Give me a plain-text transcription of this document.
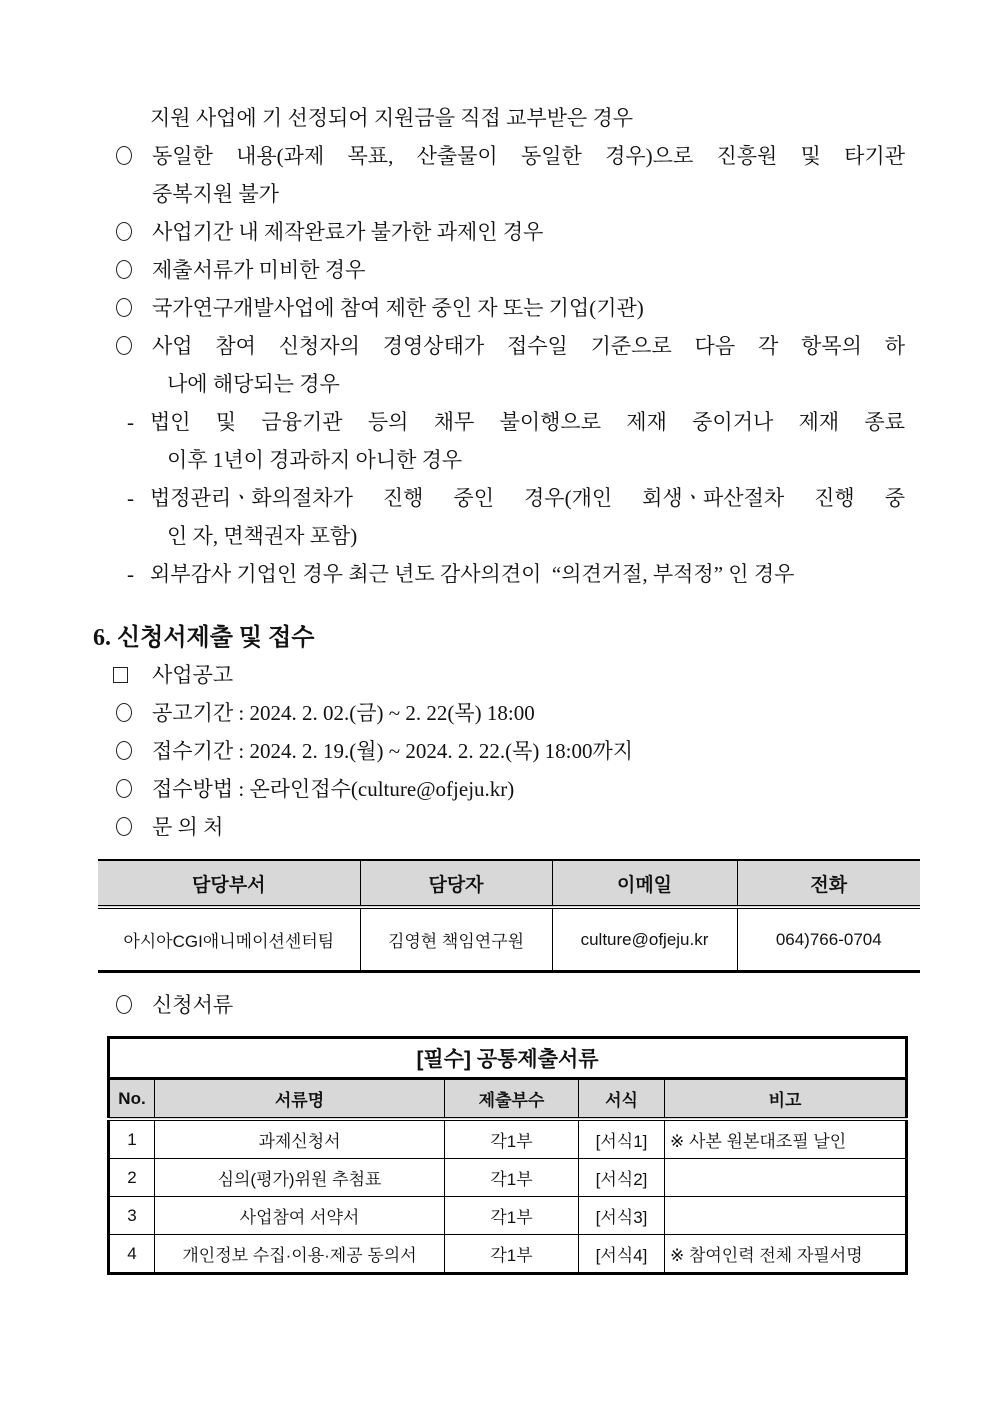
지원 사업에 기 선정되어 지원금을 직접 교부받은 경우
동일한 내용(과제 목표, 산출물이 동일한 경우)으로 진흥원 및 타기관
중복지원 불가
사업기간 내 제작완료가 불가한 과제인 경우
제출서류가 미비한 경우
국가연구개발사업에 참여 제한 중인 자 또는 기업(기관)
사업 참여 신청자의 경영상태가 접수일 기준으로 다음 각 항목의 하
나에 해당되는 경우
- 법인 및 금융기관 등의 채무 불이행으로 제재 중이거나 제재 종료
이후 1년이 경과하지 아니한 경우
- 법정관리ㆍ화의절차가 진행 중인 경우(개인 회생ㆍ파산절차 진행 중
인 자, 면책권자 포함)
- 외부감사 기업인 경우 최근 년도 감사의견이  “의견거절, 부적정” 인 경우
6. 신청서제출 및 접수
사업공고
공고기간 : 2024. 2. 02.(금) ~ 2. 22(목) 18:00
접수기간 : 2024. 2. 19.(월) ~ 2024. 2. 22.(목) 18:00까지
접수방법 : 온라인접수(culture@ofjeju.kr)
문 의 처
담당부서	담당자	이메일	전화
아시아CGI애니메이션센터팀	김영현 책임연구원	culture@ofjeju.kr	064)766-0704
신청서류
[필수] 공통제출서류				
No.	서류명	제출부수	서식	비고
1	과제신청서	각1부	[서식1]	※ 사본 원본대조필 날인
2	심의(평가)위원 추첨표	각1부	[서식2]	
3	사업참여 서약서	각1부	[서식3]	
4	개인정보 수집·이용·제공 동의서	각1부	[서식4]	※ 참여인력 전체 자필서명
